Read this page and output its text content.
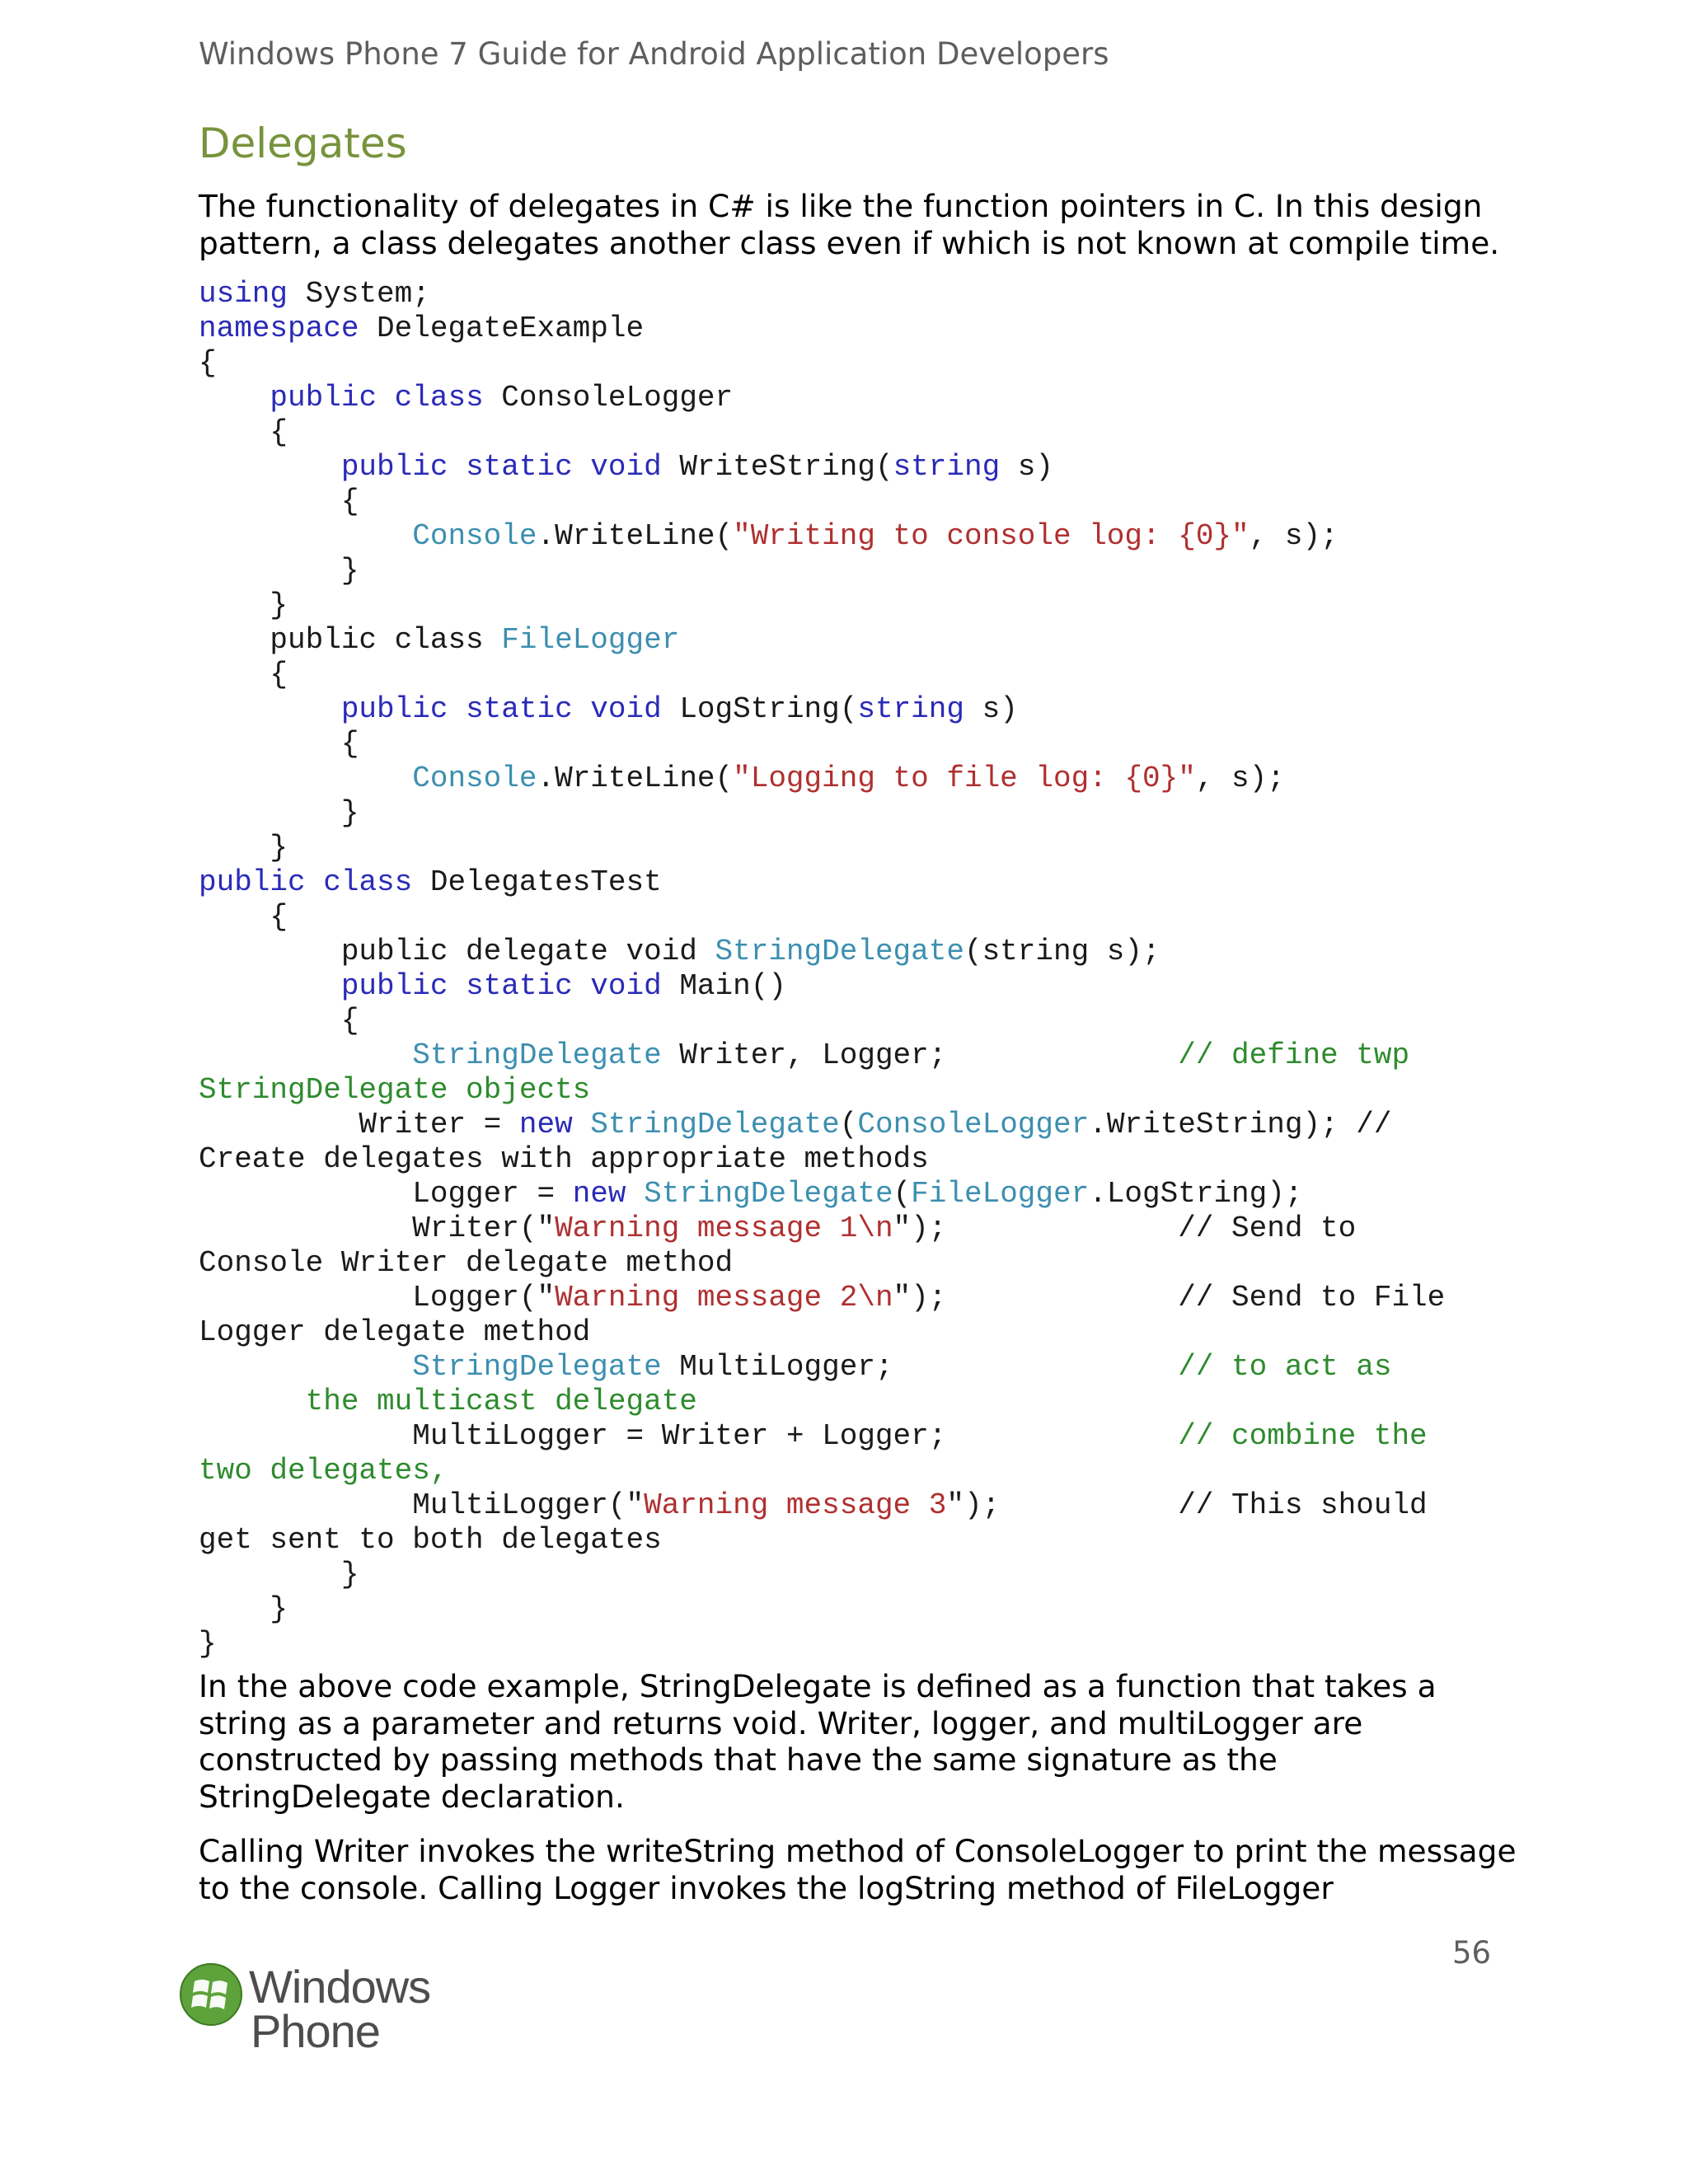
Windows Phone 7 Guide for Android Application Developers
Delegates

The functionality of delegates in C# is like the function pointers in C. In this design pattern, a class delegates another class even if which is not known at compile time.

using System;
namespace DelegateExample
{
public class ConsoleLogger
{
public static void WriteString(string s)
{
Console.WriteLine("Writing to console log: {0}", s);
}
}
public class FileLogger
{
public static void LogString(string s)
{
Console.WriteLine("Logging to file log: {0}", s);
}
}
public class DelegatesTest
{
public delegate void StringDelegate(string s);
public static void Main()
{
StringDelegate Writer, Logger;             // define twp
StringDelegate objects
Writer = new StringDelegate(ConsoleLogger.WriteString); //
Create delegates with appropriate methods
Logger = new StringDelegate(FileLogger.LogString);
Writer("Warning message 1\n");             // Send to
Console Writer delegate method
Logger("Warning message 2\n");             // Send to File
Logger delegate method
StringDelegate MultiLogger;                // to act as
the multicast delegate
MultiLogger = Writer + Logger;             // combine the
two delegates,
MultiLogger("Warning message 3");          // This should
get sent to both delegates
}
}
}

In the above code example, StringDelegate is defined as a function that takes a string as a parameter and returns void. Writer, logger, and multiLogger are constructed by passing methods that have the same signature as the StringDelegate declaration.

Calling Writer invokes the writeString method of ConsoleLogger to print the message to the console. Calling Logger invokes the logString method of FileLogger

56
Windows
Phone
